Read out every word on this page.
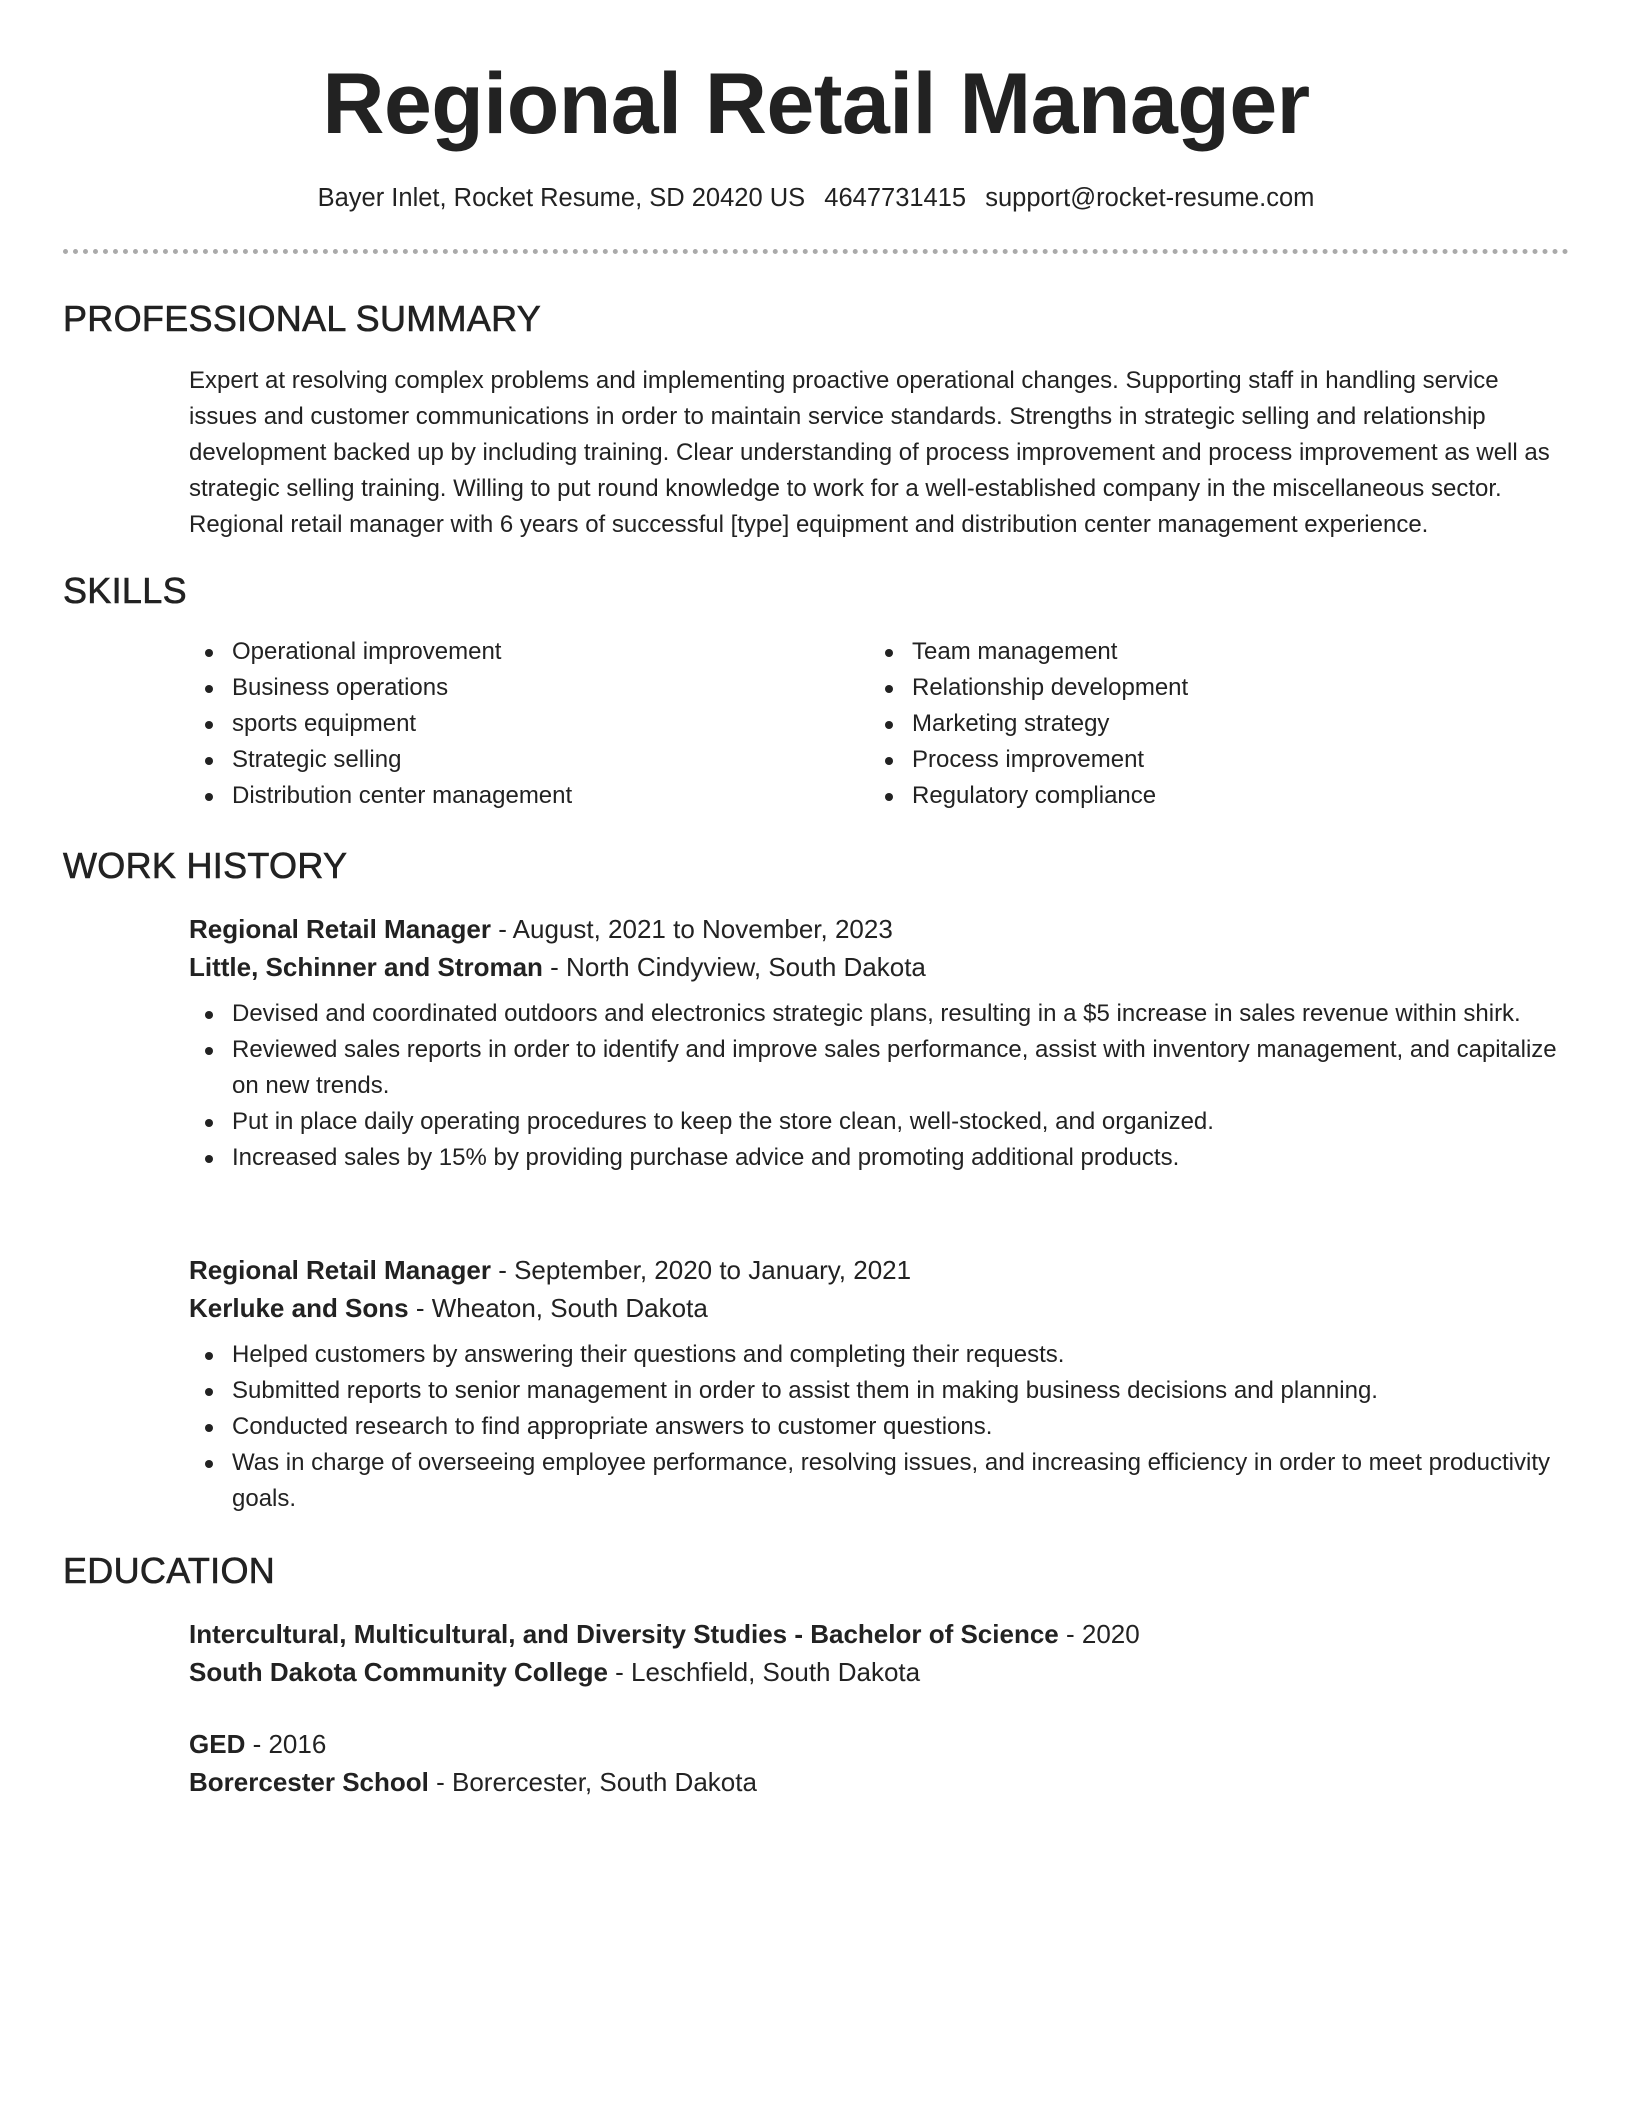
Regional Retail Manager
Bayer Inlet, Rocket Resume, SD 20420 US 4647731415 support@rocket-resume.com
PROFESSIONAL SUMMARY

Expert at resolving complex problems and implementing proactive operational changes. Supporting staff in handling service issues and customer communications in order to maintain service standards. Strengths in strategic selling and relationship development backed up by including training. Clear understanding of process improvement and process improvement as well as strategic selling training. Willing to put round knowledge to work for a well-established company in the miscellaneous sector. Regional retail manager with 6 years of successful [type] equipment and distribution center management experience.

SKILLS
Operational improvement
Business operations
sports equipment
Strategic selling
Distribution center management
Team management
Relationship development
Marketing strategy
Process improvement
Regulatory compliance
WORK HISTORY
Regional Retail Manager - August, 2021 to November, 2023
Little, Schinner and Stroman - North Cindyview, South Dakota
Devised and coordinated outdoors and electronics strategic plans, resulting in a $5 increase in sales revenue within shirk.
Reviewed sales reports in order to identify and improve sales performance, assist with inventory management, and capitalize on new trends.
Put in place daily operating procedures to keep the store clean, well-stocked, and organized.
Increased sales by 15% by providing purchase advice and promoting additional products.
Regional Retail Manager - September, 2020 to January, 2021
Kerluke and Sons - Wheaton, South Dakota
Helped customers by answering their questions and completing their requests.
Submitted reports to senior management in order to assist them in making business decisions and planning.
Conducted research to find appropriate answers to customer questions.
Was in charge of overseeing employee performance, resolving issues, and increasing efficiency in order to meet productivity goals.
EDUCATION
Intercultural, Multicultural, and Diversity Studies - Bachelor of Science - 2020
South Dakota Community College - Leschfield, South Dakota
GED - 2016
Borercester School - Borercester, South Dakota
